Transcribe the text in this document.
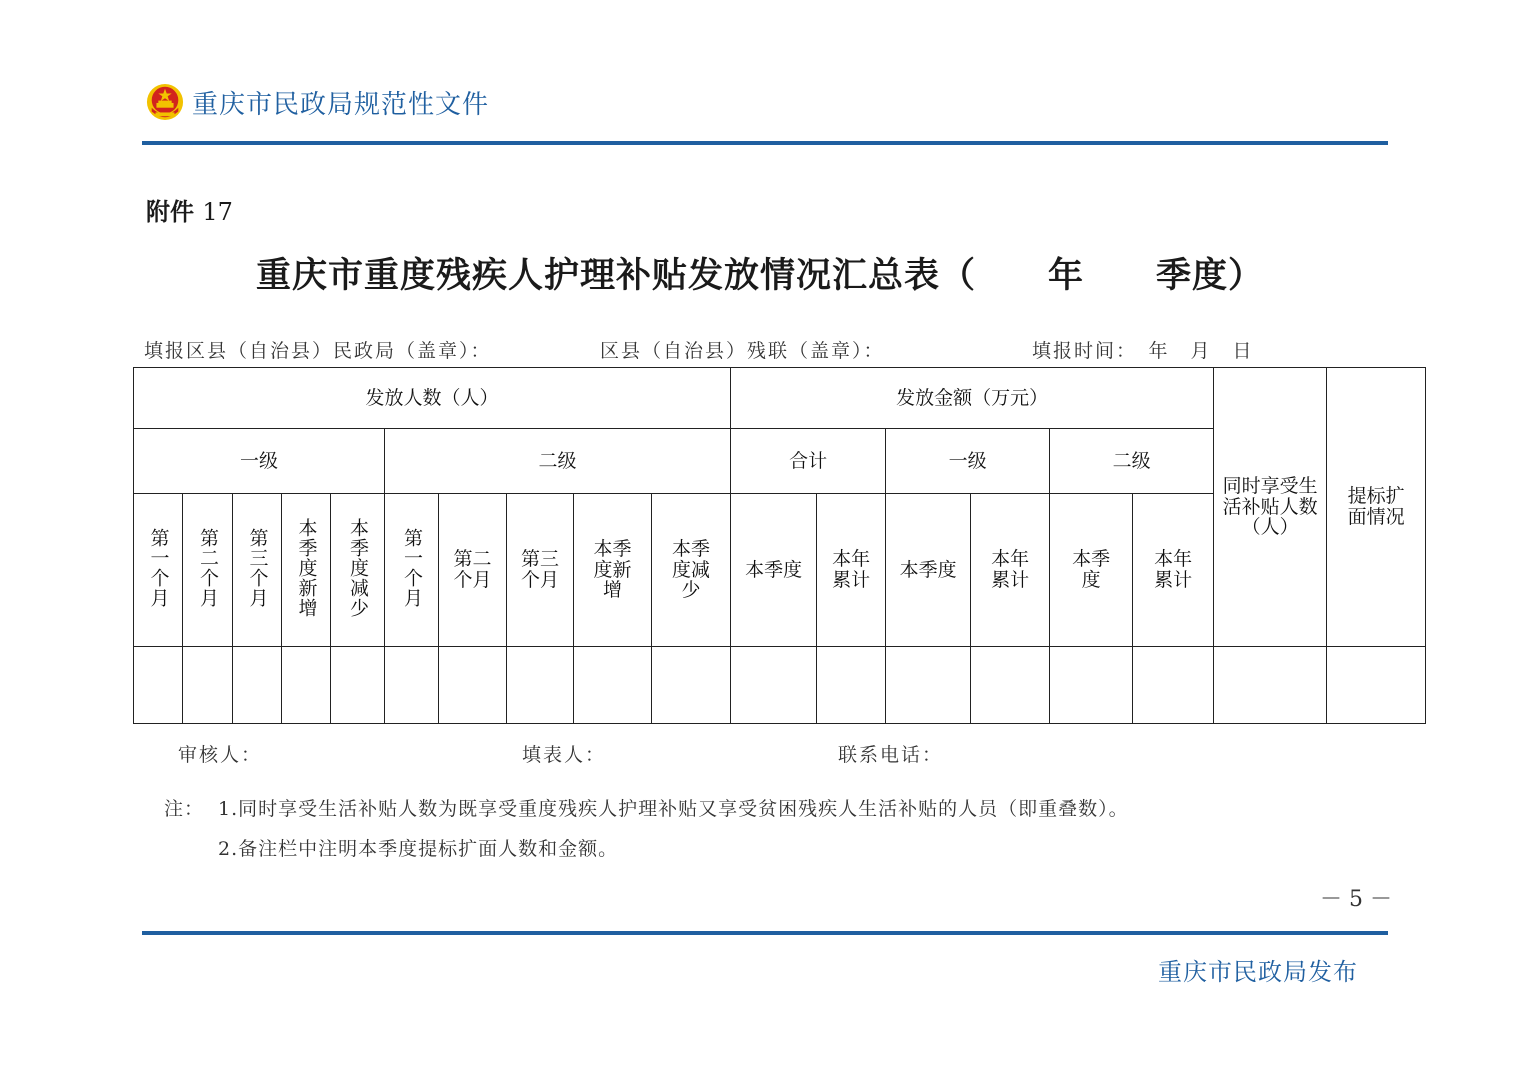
重庆市民政局规范性文件
附件 17
重庆市重度残疾人护理补贴发放情况汇总表（　　年　　季度）
填报区县（自治县）民政局（盖章）：	区县（自治县）残联（盖章）：	填报时间：　年　月　日
发放人数（人）										发放金额（万元）						同时享受生活补贴人数（人）	提标扩面情况
一级					二级					合计		一级		二级			
第一个月	第二个月	第三个月	本季度新增	本季度减少	第一个月	第二个月	第三个月	本季度新增	本季度减少	本季度	本年累计	本季度	本年累计	本季度	本年累计		

审核人：	填表人：	联系电话：
注： 1.同时享受生活补贴人数为既享受重度残疾人护理补贴又享受贫困残疾人生活补贴的人员（即重叠数）。
2.备注栏中注明本季度提标扩面人数和金额。
－ 5 －
重庆市民政局发布
